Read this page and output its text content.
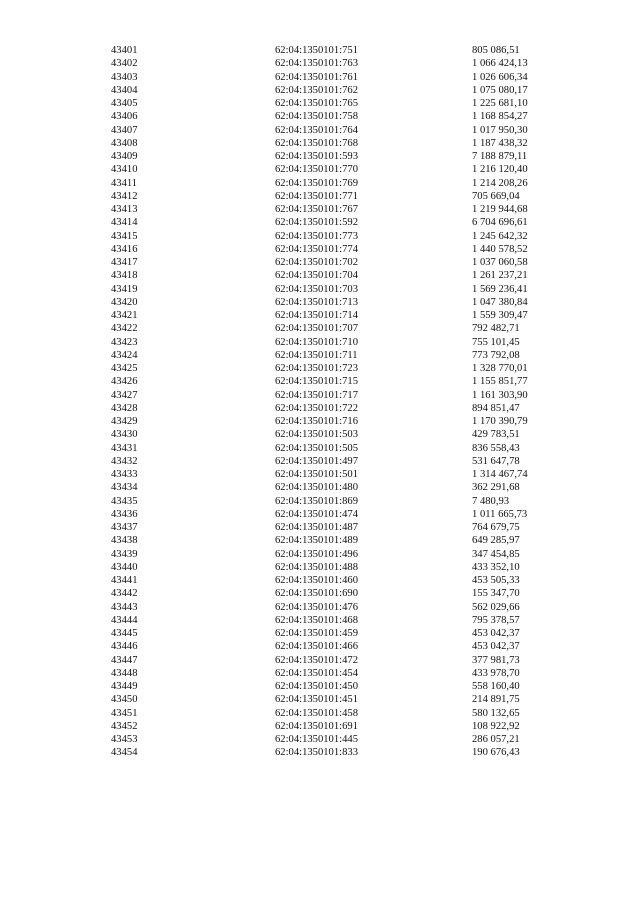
43401	62:04:1350101:751	805 086,51
43402	62:04:1350101:763	1 066 424,13
43403	62:04:1350101:761	1 026 606,34
43404	62:04:1350101:762	1 075 080,17
43405	62:04:1350101:765	1 225 681,10
43406	62:04:1350101:758	1 168 854,27
43407	62:04:1350101:764	1 017 950,30
43408	62:04:1350101:768	1 187 438,32
43409	62:04:1350101:593	7 188 879,11
43410	62:04:1350101:770	1 216 120,40
43411	62:04:1350101:769	1 214 208,26
43412	62:04:1350101:771	705 669,04
43413	62:04:1350101:767	1 219 944,68
43414	62:04:1350101:592	6 704 696,61
43415	62:04:1350101:773	1 245 642,32
43416	62:04:1350101:774	1 440 578,52
43417	62:04:1350101:702	1 037 060,58
43418	62:04:1350101:704	1 261 237,21
43419	62:04:1350101:703	1 569 236,41
43420	62:04:1350101:713	1 047 380,84
43421	62:04:1350101:714	1 559 309,47
43422	62:04:1350101:707	792 482,71
43423	62:04:1350101:710	755 101,45
43424	62:04:1350101:711	773 792,08
43425	62:04:1350101:723	1 328 770,01
43426	62:04:1350101:715	1 155 851,77
43427	62:04:1350101:717	1 161 303,90
43428	62:04:1350101:722	894 851,47
43429	62:04:1350101:716	1 170 390,79
43430	62:04:1350101:503	429 783,51
43431	62:04:1350101:505	836 558,43
43432	62:04:1350101:497	531 647,78
43433	62:04:1350101:501	1 314 467,74
43434	62:04:1350101:480	362 291,68
43435	62:04:1350101:869	7 480,93
43436	62:04:1350101:474	1 011 665,73
43437	62:04:1350101:487	764 679,75
43438	62:04:1350101:489	649 285,97
43439	62:04:1350101:496	347 454,85
43440	62:04:1350101:488	433 352,10
43441	62:04:1350101:460	453 505,33
43442	62:04:1350101:690	155 347,70
43443	62:04:1350101:476	562 029,66
43444	62:04:1350101:468	795 378,57
43445	62:04:1350101:459	453 042,37
43446	62:04:1350101:466	453 042,37
43447	62:04:1350101:472	377 981,73
43448	62:04:1350101:454	433 978,70
43449	62:04:1350101:450	558 160,40
43450	62:04:1350101:451	214 891,75
43451	62:04:1350101:458	580 132,65
43452	62:04:1350101:691	108 922,92
43453	62:04:1350101:445	286 057,21
43454	62:04:1350101:833	190 676,43
